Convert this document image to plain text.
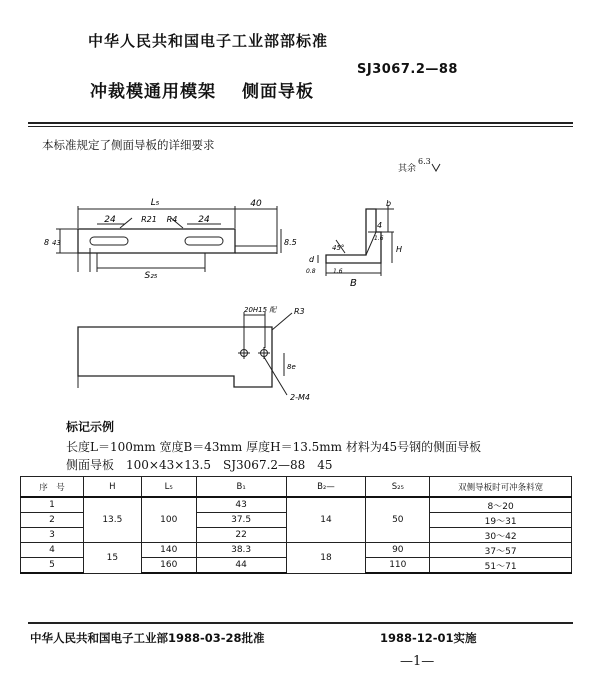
中华人民共和国电子工业部部标准
SJ3067.2—88
冲裁模通用模架 侧面导板
本标准规定了侧面导板的详细要求
其余6.3
L₅	40
24	24
R21 R4
S₂₅
8 43	8.5
b
4
45°	H
B
d
0.8	1.6
1.6
20H15 配 R3
8e
2-M4
标记示例
长度L＝100mm 宽度B＝43mm 厚度H＝13.5mm 材料为45号钢的侧面导板
侧面导板　100×43×13.5　SJ3067.2—88　45
序　号	H	L₅	B₁	B₂—	S₂₅	双侧导板时可冲条料宽
1	13.5	100	43	14	50	8～20
2			37.5			19～31
3			22			30～42
4	15	140	38.3	18	90	37～57
5		160	44		110	51～71
中华人民共和国电子工业部1988-03-28批准	1988-12-01实施
—1—
